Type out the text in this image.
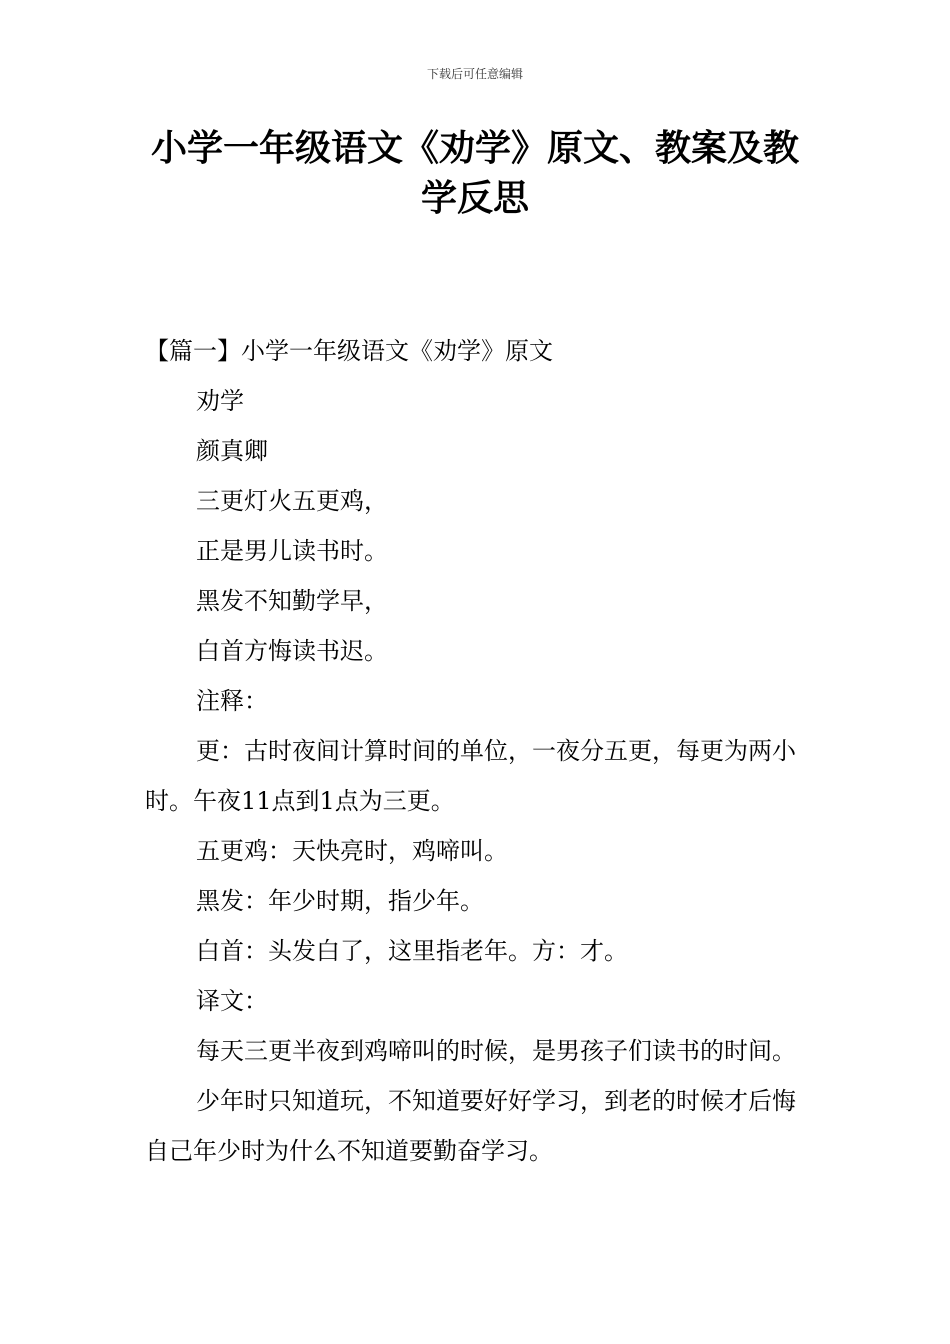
下载后可任意编辑
小学一年级语文《劝学》原文、教案及教学反思

【篇一】小学一年级语文《劝学》原文

劝学

颜真卿

三更灯火五更鸡，

正是男儿读书时。

黑发不知勤学早，

白首方悔读书迟。

注释：

更：古时夜间计算时间的单位，一夜分五更，每更为两小时。午夜11点到1点为三更。

五更鸡：天快亮时，鸡啼叫。

黑发：年少时期，指少年。

白首：头发白了，这里指老年。方：才。

译文：

每天三更半夜到鸡啼叫的时候，是男孩子们读书的时间。

少年时只知道玩，不知道要好好学习，到老的时候才后悔自己年少时为什么不知道要勤奋学习。
